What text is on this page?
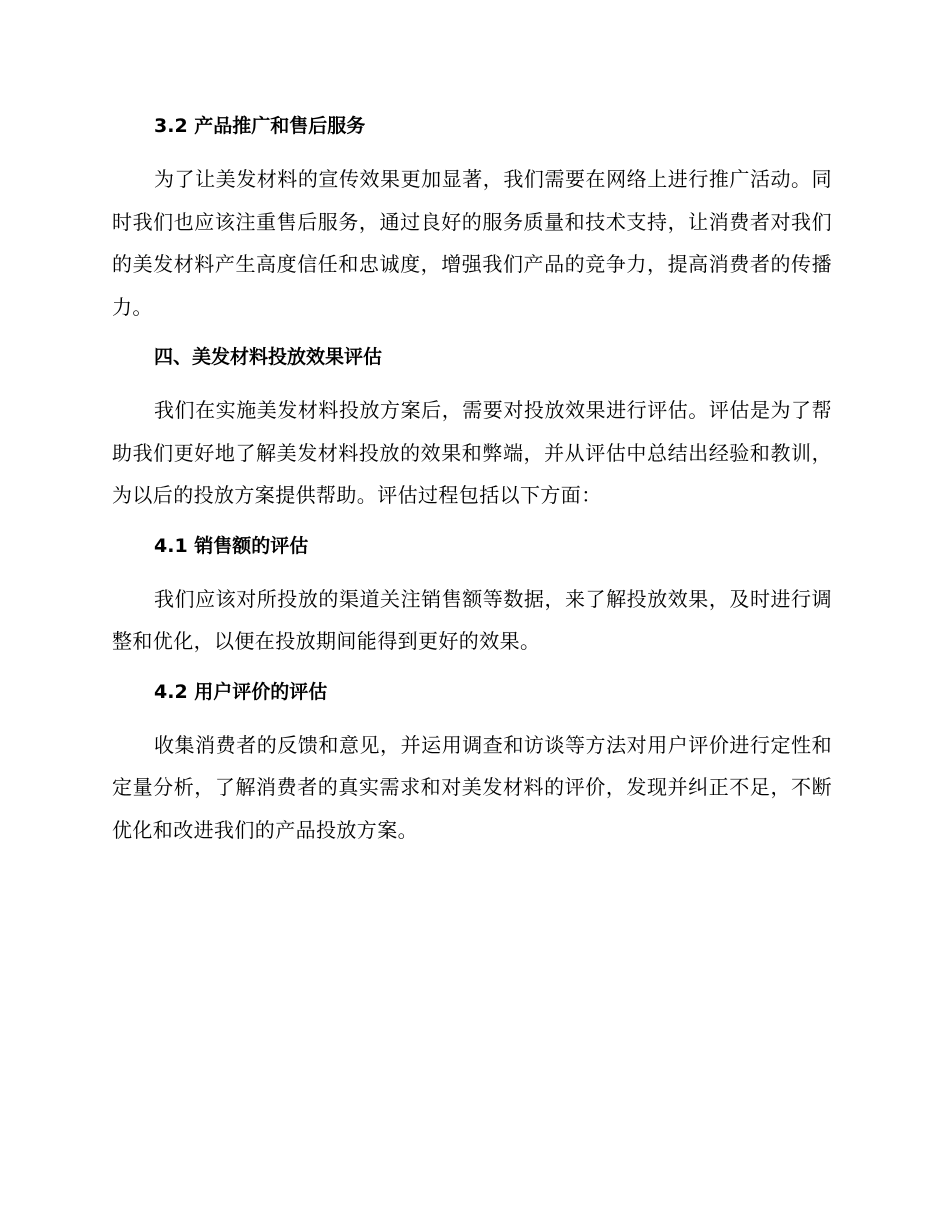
3.2 产品推广和售后服务

为了让美发材料的宣传效果更加显著，我们需要在网络上进行推广活动。同时我们也应该注重售后服务，通过良好的服务质量和技术支持，让消费者对我们的美发材料产生高度信任和忠诚度，增强我们产品的竞争力，提高消费者的传播力。

四、美发材料投放效果评估

我们在实施美发材料投放方案后，需要对投放效果进行评估。评估是为了帮助我们更好地了解美发材料投放的效果和弊端，并从评估中总结出经验和教训，为以后的投放方案提供帮助。评估过程包括以下方面：

4.1 销售额的评估

我们应该对所投放的渠道关注销售额等数据，来了解投放效果，及时进行调整和优化，以便在投放期间能得到更好的效果。

4.2 用户评价的评估

收集消费者的反馈和意见，并运用调查和访谈等方法对用户评价进行定性和定量分析，了解消费者的真实需求和对美发材料的评价，发现并纠正不足，不断优化和改进我们的产品投放方案。
